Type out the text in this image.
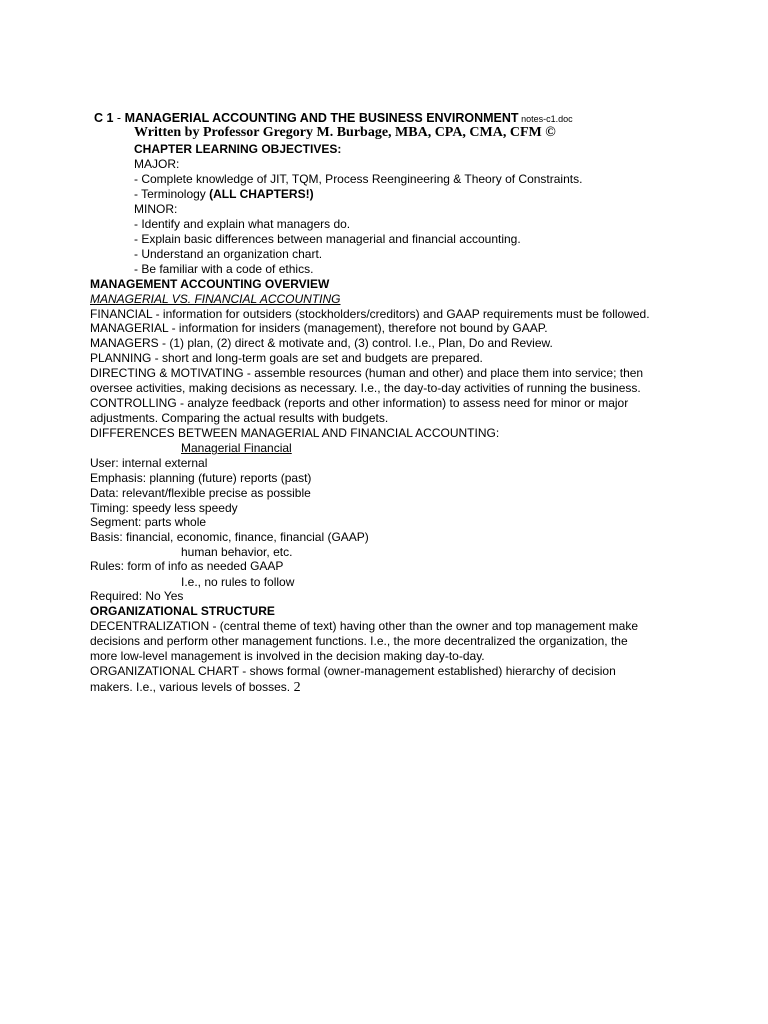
C 1 - MANAGERIAL ACCOUNTING AND THE BUSINESS ENVIRONMENT notes-c1.doc
Written by Professor Gregory M. Burbage, MBA, CPA, CMA, CFM ©
CHAPTER LEARNING OBJECTIVES:
MAJOR:
- Complete knowledge of JIT, TQM, Process Reengineering & Theory of Constraints.
- Terminology (ALL CHAPTERS!)
MINOR:
- Identify and explain what managers do.
- Explain basic differences between managerial and financial accounting.
- Understand an organization chart.
- Be familiar with a code of ethics.
MANAGEMENT ACCOUNTING OVERVIEW
MANAGERIAL VS. FINANCIAL ACCOUNTING
FINANCIAL - information for outsiders (stockholders/creditors) and GAAP requirements must be followed.
MANAGERIAL - information for insiders (management), therefore not bound by GAAP.
MANAGERS - (1) plan, (2) direct & motivate and, (3) control. I.e., Plan, Do and Review.
PLANNING - short and long-term goals are set and budgets are prepared.
DIRECTING & MOTIVATING - assemble resources (human and other) and place them into service; then
oversee activities, making decisions as necessary. I.e., the day-to-day activities of running the business.
CONTROLLING - analyze feedback (reports and other information) to assess need for minor or major
adjustments. Comparing the actual results with budgets.
DIFFERENCES BETWEEN MANAGERIAL AND FINANCIAL ACCOUNTING:
Managerial Financial
User: internal external
Emphasis: planning (future) reports (past)
Data: relevant/flexible precise as possible
Timing: speedy less speedy
Segment: parts whole
Basis: financial, economic, finance, financial (GAAP)
human behavior, etc.
Rules: form of info as needed GAAP
I.e., no rules to follow
Required: No Yes
ORGANIZATIONAL STRUCTURE
DECENTRALIZATION - (central theme of text) having other than the owner and top management make
decisions and perform other management functions. I.e., the more decentralized the organization, the
more low-level management is involved in the decision making day-to-day.
ORGANIZATIONAL CHART - shows formal (owner-management established) hierarchy of decision
makers. I.e., various levels of bosses. 2
